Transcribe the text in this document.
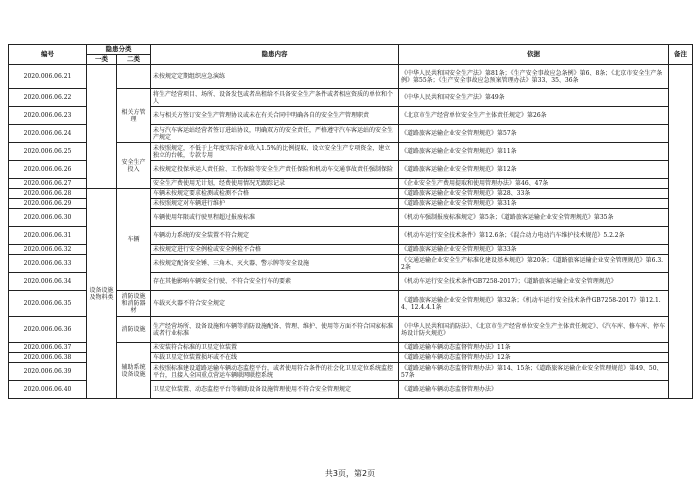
编号	隐患分类		隐患内容	依据	备注
	一类	二类			
2020.006.06.21			未按规定定期组织应急演练	《中华人民共和国安全生产法》第81条；《生产安全事故应急条例》第6、8条；《北京市安全生产条例》第55条；《生产安全事故应急预案管理办法》第33、35、36条	
2020.006.06.22		相关方管理	将生产经营项目、场所、设备发包或者出租给不具备安全生产条件或者相应资质的单位和个人	《中华人民共和国安全生产法》第49条	
2020.006.06.23			未与相关方签订安全生产管理协议或未在有关合同中明确各自的安全生产管理职责	《北京市生产经营单位安全生产主体责任规定》第26条	
2020.006.06.24			未与汽车客运站经营者签订进站协议，明确双方的安全责任，严格遵守汽车客运站的安全生产规定	《道路旅客运输企业安全管理规范》第57条	
2020.006.06.25		安全生产投入	未按照规定，不低于上年度实际营业收入1.5%的比例提取、设立安全生产专项资金，建立独立的台帐，专款专用	《道路旅客运输企业安全管理规范》第11条	
2020.006.06.26			未按规定投保承运人责任险、工伤保险等安全生产责任保险和机动车交通事故责任强制保险	《道路旅客运输企业安全管理规范》第12条	
2020.006.06.27			安全生产费使用无计划，经费使用情况无跟踪记录	《企业安全生产费用提取和使用管理办法》第46、47条	
2020.006.06.28	设备设施及物料类	车辆	车辆未按规定要求检测或检测不合格	《道路旅客运输企业安全管理规范》第28、33条	
2020.006.06.29			未按照规定对车辆进行维护	《道路旅客运输企业安全管理规范》第31条	
2020.006.06.30			车辆使用年限或行驶里程超过报废标准	《机动车强制报废标准规定》第5条；《道路旅客运输企业安全管理规范》第35条	
2020.006.06.31			车辆动力系统的安全装置不符合规定	《机动车运行安全技术条件》第12.6条；《混合动力电动汽车维护技术规范》5.2.2条	
2020.006.06.32			未按规定进行安全例检或安全例检不合格	《道路旅客运输企业安全管理规范》第33条	
2020.006.06.33			未按规定配备安全锤、三角木、灭火器、警示牌等安全设施	《交通运输企业安全生产标准化建设基本规范》第20条；《道路旅客运输企业安全管理规范》第6.3.2条	
2020.006.06.34			存在其他影响车辆安全行驶、不符合安全行车的要素	《机动车运行安全技术条件GB7258-2017》；《道路旅客运输企业安全管理规范》	
2020.006.06.35		消防设施和消防器材	车载灭火器不符合安全规定	《道路旅客运输企业安全管理规范》第32条；《机动车运行安全技术条件GB7258-2017》第12.1.4、12.4.4.1条	
2020.006.06.36		消防设施	生产经营场所、设备设施和车辆等消防设施配备、管理、维护、使用等方面不符合国家标准或者行业标准	《中华人民共和国消防法》、《北京市生产经营单位安全生产主体责任规定》、《汽车库、修车库、停车场设计防火规范》	
2020.006.06.37		辅助系统设备设施	未安装符合标准的卫星定位装置	《道路运输车辆动态监督管理办法》11条	
2020.006.06.38			车载卫星定位装置损坏或不在线	《道路运输车辆动态监督管理办法》12条	
2020.006.06.39			未按照标准建设道路运输车辆动态监控平台，或者使用符合条件的社会化卫星定位系统监控平台，且接入全国重点营运车辆联网联控系统	《道路运输车辆动态监督管理办法》第14、15条；《道路旅客运输企业安全管理规范》第49、50、57条	
2020.006.06.40			卫星定位装置、动态监控平台等辅助设备设施管理使用不符合安全管理规定	《道路运输车辆动态监督管理办法》	
共3页，第2页
